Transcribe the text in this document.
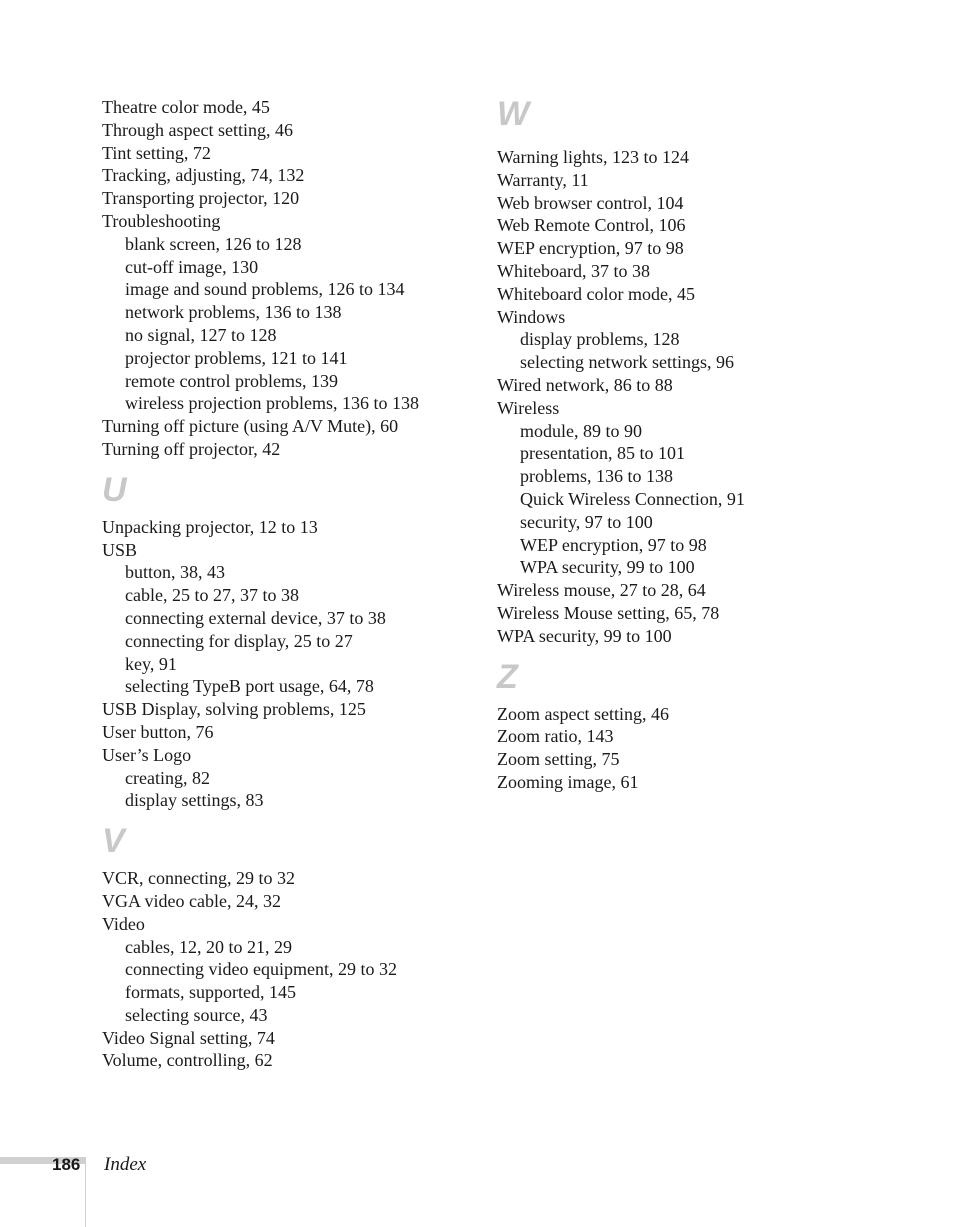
Theatre color mode, 45
Through aspect setting, 46
Tint setting, 72
Tracking, adjusting, 74, 132
Transporting projector, 120
Troubleshooting
blank screen, 126 to 128
cut-off image, 130
image and sound problems, 126 to 134
network problems, 136 to 138
no signal, 127 to 128
projector problems, 121 to 141
remote control problems, 139
wireless projection problems, 136 to 138
Turning off picture (using A/V Mute), 60
Turning off projector, 42
U
Unpacking projector, 12 to 13
USB
button, 38, 43
cable, 25 to 27, 37 to 38
connecting external device, 37 to 38
connecting for display, 25 to 27
key, 91
selecting TypeB port usage, 64, 78
USB Display, solving problems, 125
User button, 76
User’s Logo
creating, 82
display settings, 83
V
VCR, connecting, 29 to 32
VGA video cable, 24, 32
Video
cables, 12, 20 to 21, 29
connecting video equipment, 29 to 32
formats, supported, 145
selecting source, 43
Video Signal setting, 74
Volume, controlling, 62
W
Warning lights, 123 to 124
Warranty, 11
Web browser control, 104
Web Remote Control, 106
WEP encryption, 97 to 98
Whiteboard, 37 to 38
Whiteboard color mode, 45
Windows
display problems, 128
selecting network settings, 96
Wired network, 86 to 88
Wireless
module, 89 to 90
presentation, 85 to 101
problems, 136 to 138
Quick Wireless Connection, 91
security, 97 to 100
WEP encryption, 97 to 98
WPA security, 99 to 100
Wireless mouse, 27 to 28, 64
Wireless Mouse setting, 65, 78
WPA security, 99 to 100
Z
Zoom aspect setting, 46
Zoom ratio, 143
Zoom setting, 75
Zooming image, 61
186 Index
